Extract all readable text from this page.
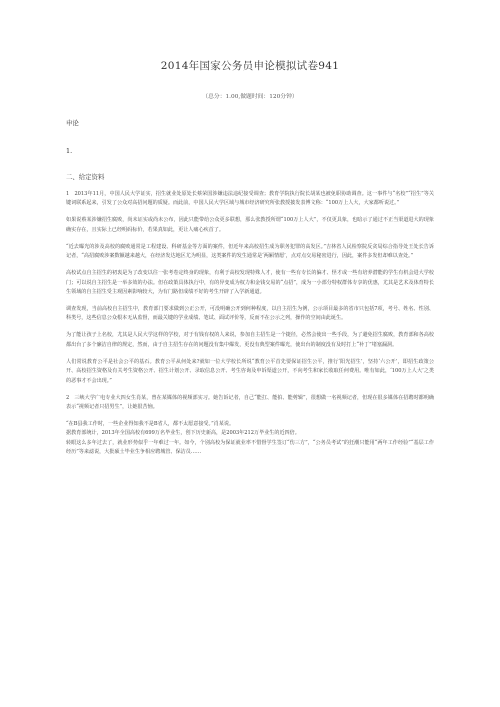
2014年国家公务员申论模拟试卷941
（总分：1.00,做题时间：120分钟）
申论
1.
二、给定资料

1　2013年11月，中国人民大学证实，招生就业处原处长蔡荣国涉嫌违法违纪接受调查；教育学院执行院长胡某也被免职协助调查。这一事件与“名校”“招生”等关键词联系起来，引发了公众对高招问题的质疑。而此前，中国人民大学区域与城市经济研究所张教授披发表博文称：“100万上人大，大家都听说过。”

如果说蔡某涉嫌招生腐败，尚未证实或尚未公布，因此只能带给公众更多联想，那么张教授所谓“100万上人大”，不仅更具象，也暗示了通过不正当渠道进大的现象确实存在，且实际上已经明码标价，若果真如此，更让人痛心疾首了。

“近去曝光的涉及高校的腐败通常是工程建设、科研基金等方面的案件，但近年来高校招生成为职务犯罪的高发区。”吉林省人民检察院反贪局综合指导处王处长告诉记者，“高招腐败涉案数额越来越大，在经济发达地区尤为明显，这类案件的发生通常是‘两厢情愿’，点对点交易秘密进行，因此，案件多发但却难以查处。”

高校试点自主招生的初衷是为了改变以往一张考卷定终身的现象，有利于高校发现特殊人才，使有一些有专长的偏才、怪才或一些有培养潜能的学生有机会进大学校门；可以说自主招生是一举多效的办法。但在政策具体执行中，有的异变成为权力和金钱交易的“点招”，成为一小部分特权群体专享的优惠，尤其是艺术及体育特长生领域的自主招生受主观因素影响较大，为有门路但成绩不好的考生开辟了入学新通道。

调查发现，当前高校自主招生中，教育部门要求做到公正公开，可没明确公开到何种程度，以自主招生为例，公示项目最多的省市只包括7项，考号、姓名、性别、科类号，这些信息公众根本无从监督，而最关键的学业成绩、笔试、面试评价等，反而不在公示之列，操作的空间由此诞生。

为了能让孩子上名校，尤其是人民大学这样的学校，对于有钱有权的人来说，参加自主招生是一个捷径，必然会使出一些手段，为了避免招生腐败，教育部和各高校都出台了多个廉洁自律的规定，然而，由于自主招生存在的问题没有集中爆发，更没有典型案件曝光，使出台的制度没有及时打上“补丁”堵塞漏洞。

人们常说教育公平是社会公平的基石。教育公平从何处来?就如一位大学校长所说“教育公平首先要保证招生公平，推行‘阳光招生’，坚持‘六公开’，即招生政策公开、高校招生资格及有关考生资格公开、招生计划公开、录取信息公开、考生咨询及申诉渠道公开，不向考生和家长收取任何费用。唯有如此，‘100万上人大’之类的恶事才不会出现。”

2　三峡大学广电专业大四女生肖某，曾在某媒体的视频部实习。她告诉记者，自己“能扛、能拍、能剪辑”，很想做一名视频记者，但现在很多媒体在招聘时都明确表示“视频记者只招男生”，让她很苦恼。

“在B县我工作时，一些企业得知我不是B省人，都不太愿意接受。”肖某说。

据教育部统计，2013年全国高校有699万名毕业生，创下历史新高，是2003年212万毕业生的近四倍。

转眼这么多年过去了，就业形势似乎一年难过一年。如今，个别高校为保证就业率不惜督学生签订“伤三方”，“公务员考试”的狂潮只能用“两年工作经验”“基层工作经历”等来滤说，大批硕士毕业生争相应聘城管、保洁员……
